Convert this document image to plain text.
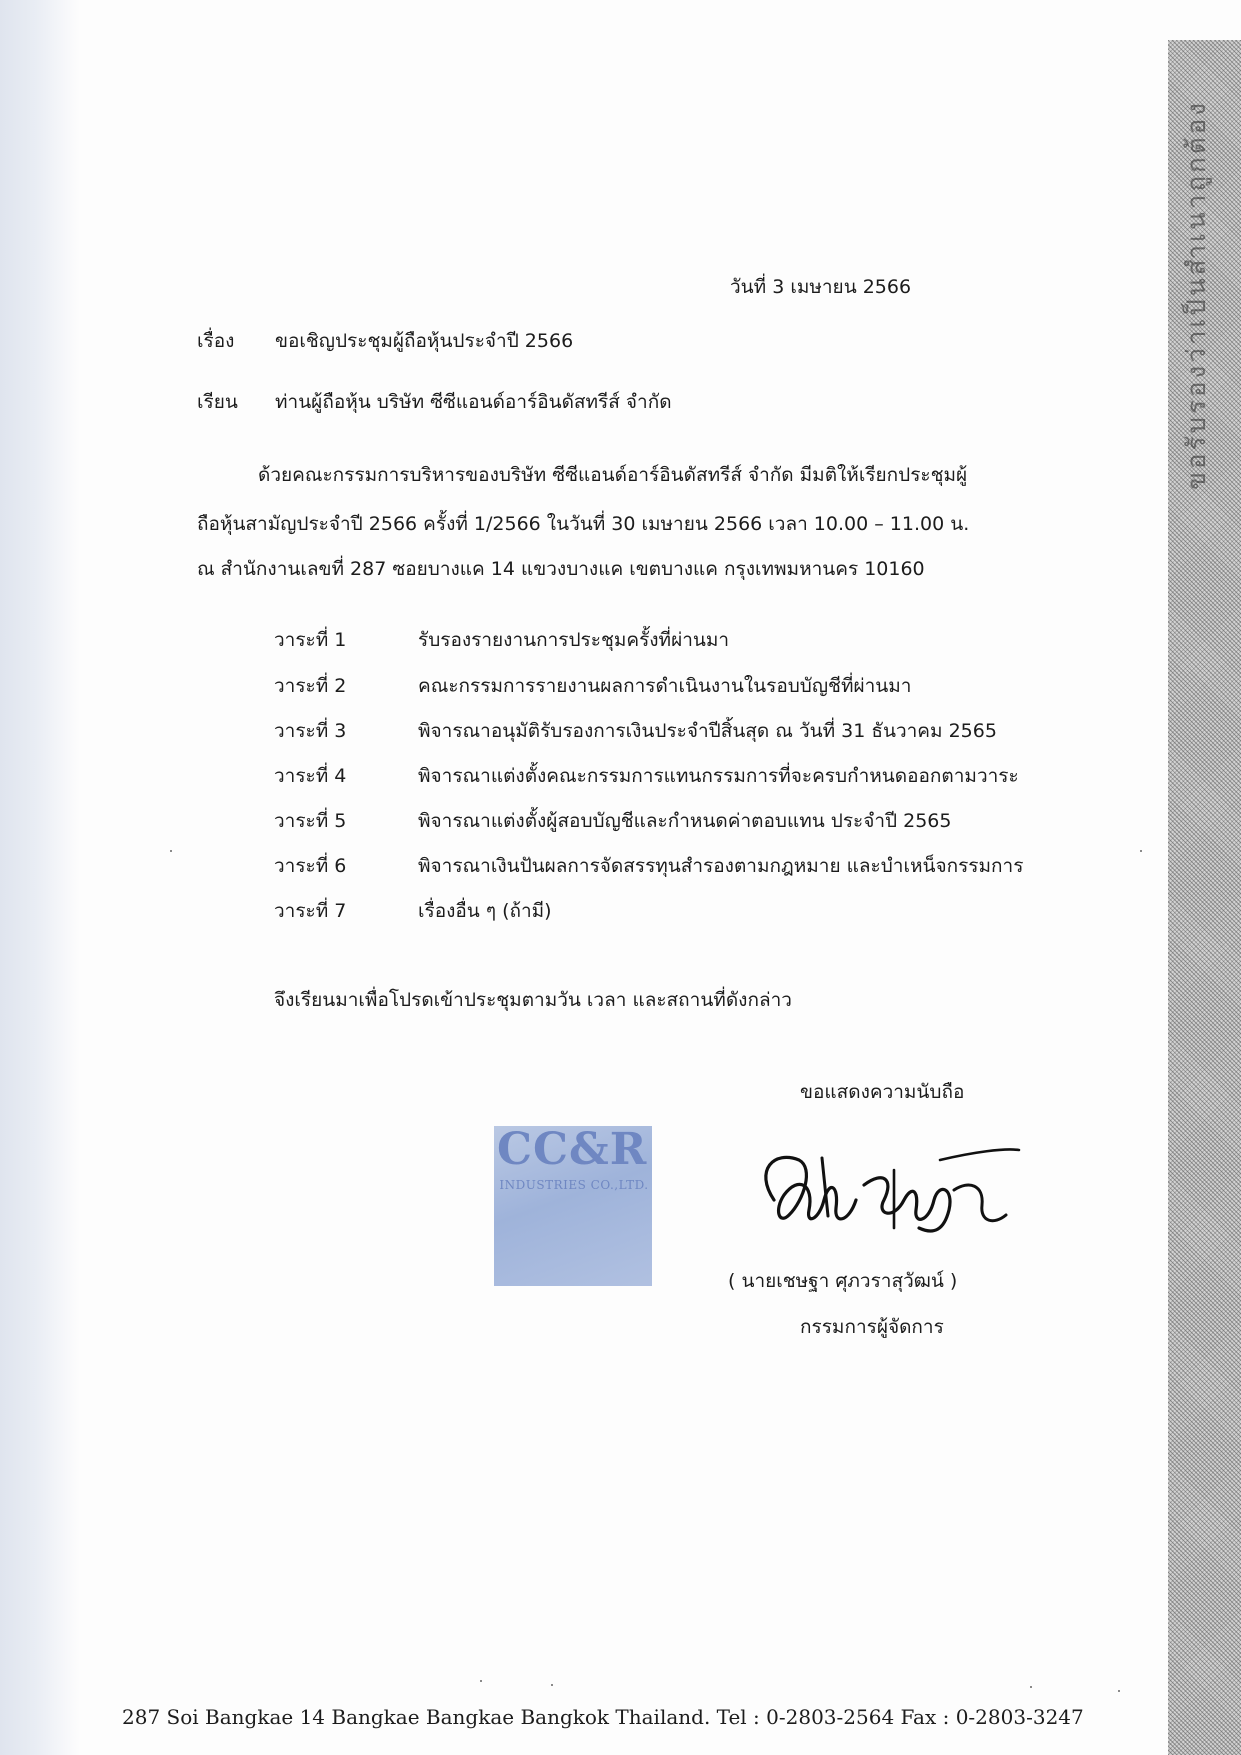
ขอรับรองว่าเป็นสำเนาถูกต้อง
วันที่ 3 เมษายน 2566
เรื่อง ขอเชิญประชุมผู้ถือหุ้นประจำปี 2566
เรียน ท่านผู้ถือหุ้น บริษัท ซีซีแอนด์อาร์อินดัสทรีส์ จำกัด
ด้วยคณะกรรมการบริหารของบริษัท ซีซีแอนด์อาร์อินดัสทรีส์ จำกัด มีมติให้เรียกประชุมผู้
ถือหุ้นสามัญประจำปี 2566 ครั้งที่ 1/2566 ในวันที่ 30 เมษายน 2566 เวลา 10.00 – 11.00 น.
ณ สำนักงานเลขที่ 287 ซอยบางแค 14 แขวงบางแค เขตบางแค กรุงเทพมหานคร 10160
วาระที่ 1	รับรองรายงานการประชุมครั้งที่ผ่านมา
วาระที่ 2	คณะกรรมการรายงานผลการดำเนินงานในรอบบัญชีที่ผ่านมา
วาระที่ 3	พิจารณาอนุมัติรับรองการเงินประจำปีสิ้นสุด ณ วันที่ 31 ธันวาคม 2565
วาระที่ 4	พิจารณาแต่งตั้งคณะกรรมการแทนกรรมการที่จะครบกำหนดออกตามวาระ
วาระที่ 5	พิจารณาแต่งตั้งผู้สอบบัญชีและกำหนดค่าตอบแทน ประจำปี 2565
วาระที่ 6	พิจารณาเงินปันผลการจัดสรรทุนสำรองตามกฎหมาย และบำเหน็จกรรมการ
วาระที่ 7	เรื่องอื่น ๆ (ถ้ามี)
จึงเรียนมาเพื่อโปรดเข้าประชุมตามวัน เวลา และสถานที่ดังกล่าว
ขอแสดงความนับถือ
CC&R
INDUSTRIES CO.,LTD.
( นายเชษฐา ศุภวราสุวัฒน์ )
กรรมการผู้จัดการ
287 Soi Bangkae 14 Bangkae Bangkae Bangkok Thailand. Tel : 0-2803-2564 Fax : 0-2803-3247
